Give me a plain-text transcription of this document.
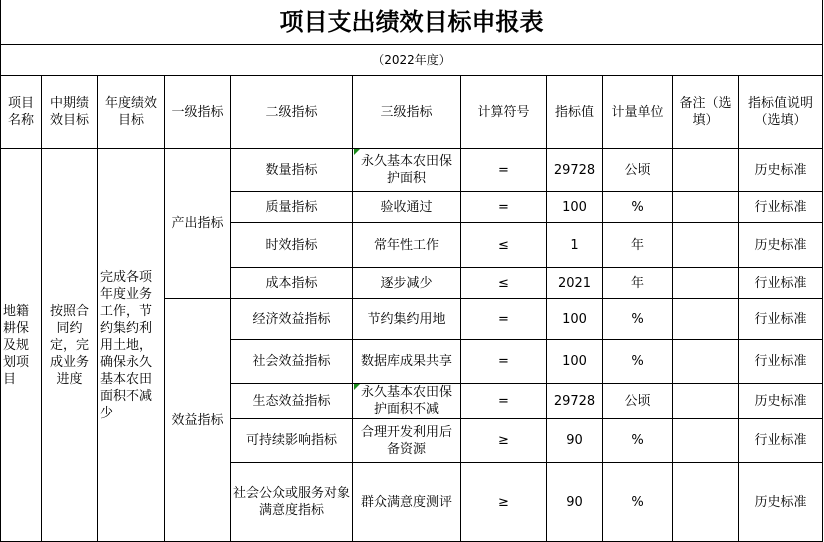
项目支出绩效目标申报表										
（2022年度）										
项目名称	中期绩效目标	年度绩效目标	一级指标	二级指标	三级指标	计算符号	指标值	计量单位	备注（选填）	指标值说明（选填）
地籍耕保及规划项目	按照合同约定，完成业务进度	完成各项年度业务工作，节约集约利用土地，确保永久基本农田面积不减少	产出指标	数量指标	永久基本农田保护面积	=	29728	公顷		历史标准
				质量指标	验收通过	=	100	%		行业标准
				时效指标	常年性工作	≤	1	年		历史标准
				成本指标	逐步减少	≤	2021	年		行业标准
			效益指标	经济效益指标	节约集约用地	=	100	%		行业标准
				社会效益指标	数据库成果共享	=	100	%		行业标准
				生态效益指标	永久基本农田保护面积不减	=	29728	公顷		历史标准
				可持续影响指标	合理开发利用后备资源	≥	90	%		行业标准
				社会公众或服务对象满意度指标	群众满意度测评	≥	90	%		历史标准
